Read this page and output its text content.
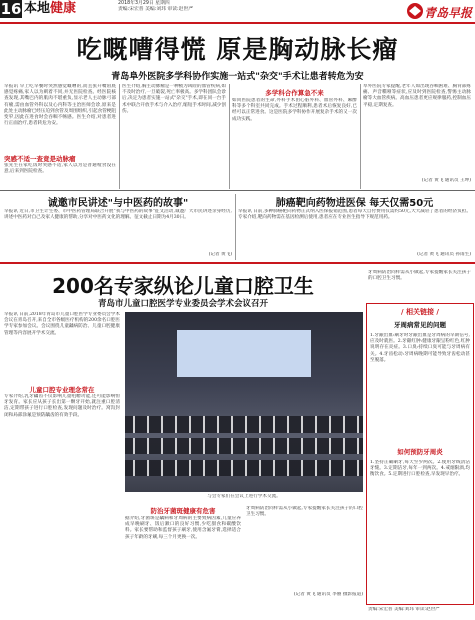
16 本地健康	2018年3月29日 星期四
责编:宋宏普 美编:刘玮 审读:赵世严	青岛早报
吃嘅嘈得慌 原是胸动脉长瘤
青岛阜外医院多学科协作实施一站式"杂交"手术让患者转危为安
早报讯 早上吃早餐时突然感觉嘅嘈的,而且张开嘴唇底感觉疼痛,家人以为刺着不同,并无医院检查。经医院核查发现,其嘴巴内的肌肉不堪重负,显示老人主动脉弓部有瘤,需由血管外科以及心内科等主治医师会诊,原来是此处主动脉瘤已经压迫到食管及周围组织,引起食管梗阻变窄,因此在进食时会吞咽不畅感。医生介绍,对患者进行正面治疗,患者转危为安。
突感不适一查竟是动脉瘤
张先生在家吃饭时突感不适,家人以为是普通噎食没在意,后来到医院检查。
医生介绍,胸主动脉瘤是一种极为凶险的血管疾病,如不及时治疗,一旦破裂,死亡率极高。多学科团队会诊后,决定为患者实施一站式"杂交"手术,即在同一台手术中联合开放手术与介入治疗,缩短手术时间,减少创伤。
多学科合作算急不来
如同医院患者的生命,外科手术由心脏外科、血管外科、麻醉科等多个科室共同完成。手术过程顺利,患者术后恢复良好,已经可以正常进食。这是医院多学科协作开展复杂手术的又一次成功实践。
阜外医院专家提醒,老年人如出现吞咽困难、胸背部疼痛、声音嘶哑等症状,应及时到医院检查,警惕主动脉瘤等大血管疾病。高血压患者更应规律服药,控制血压平稳,定期复查。
(记者 黄飞 通讯员 王坤)
诚邀市民讲述"与中医药的故事"
早报讯 近日,市卫生计生委、市中医药管理局联合开展"我与中医药的故事"征文活动,诚邀广大市民讲述亲身经历,讲述中医药对自己及家人健康的帮助,分享对中医药文化的理解。征文截止日期为4月30日。
(记者 黄飞)
肺癌靶向药物进医保 每天仅需50元
早报讯 日前,多种肺癌靶向药物正式纳入医保报销范围,患者每天自付费用仅需约50元,大大减轻了患者的经济负担。专家介绍,靶向药物需在基因检测后使用,患者应在专业医生指导下规范用药。
(记者 黄飞 通讯员 孙雨生)
200名专家纵论儿童口腔卫生
青岛市儿童口腔医学专业委员会学术会议召开
早报讯 日前,2018年青岛市儿童口腔医学专业委员会学术会议在青岛召开,来自全市各级医疗机构的200余名口腔医学专家参加会议。会议围绕儿童龋病防治、儿童口腔健康管理等内容展开学术交流。
儿童口腔专业理念常在
专家介绍,乳牙龋齿不仅影响儿童咀嚼功能,还可能影响恒牙发育。家长应从孩子长出第一颗牙开始,就注重口腔清洁,定期带孩子进行口腔检查,发现问题及时治疗。窝沟封闭和局部涂氟是预防龋齿的有效手段。
与会专家们在会议上进行学术交流。
防治牙菌斑健康有危害
据介绍,牙菌斑是龋病和牙周病的主要致病因素,儿童应养成早晚刷牙、饭后漱口的良好习惯,少吃甜食和碳酸饮料。家长要帮助和监督孩子刷牙,使用含氟牙膏,选择适合孩子年龄的牙刷,每三个月更换一次。
牙周病防治同样需从小做起,专家提醒家长关注孩子的口腔卫生习惯。
(记者 黄飞 通讯员 李丽 摄影报道)
牙周病防治同样需从小做起,专家提醒家长关注孩子的口腔卫生习惯。
/ 相关链接 /
牙周病常见的问题
1.牙龈出血:刷牙时牙龈出血是牙周病的早期信号,应及时就医。2.牙龈红肿:健康牙龈呈粉红色,红肿说明存在炎症。3.口臭:持续口臭可能与牙周病有关。4.牙齿松动:牙周病晚期可能导致牙齿松动甚至脱落。
如何预防牙周炎
1.坚持正确刷牙,每天至少两次。2.使用牙线清洁牙缝。3.定期洁牙,每年一到两次。4.戒烟限酒,均衡饮食。5.定期进行口腔检查,早发现早治疗。
责编:宋宏普 美编:刘玮 审读:赵世严
